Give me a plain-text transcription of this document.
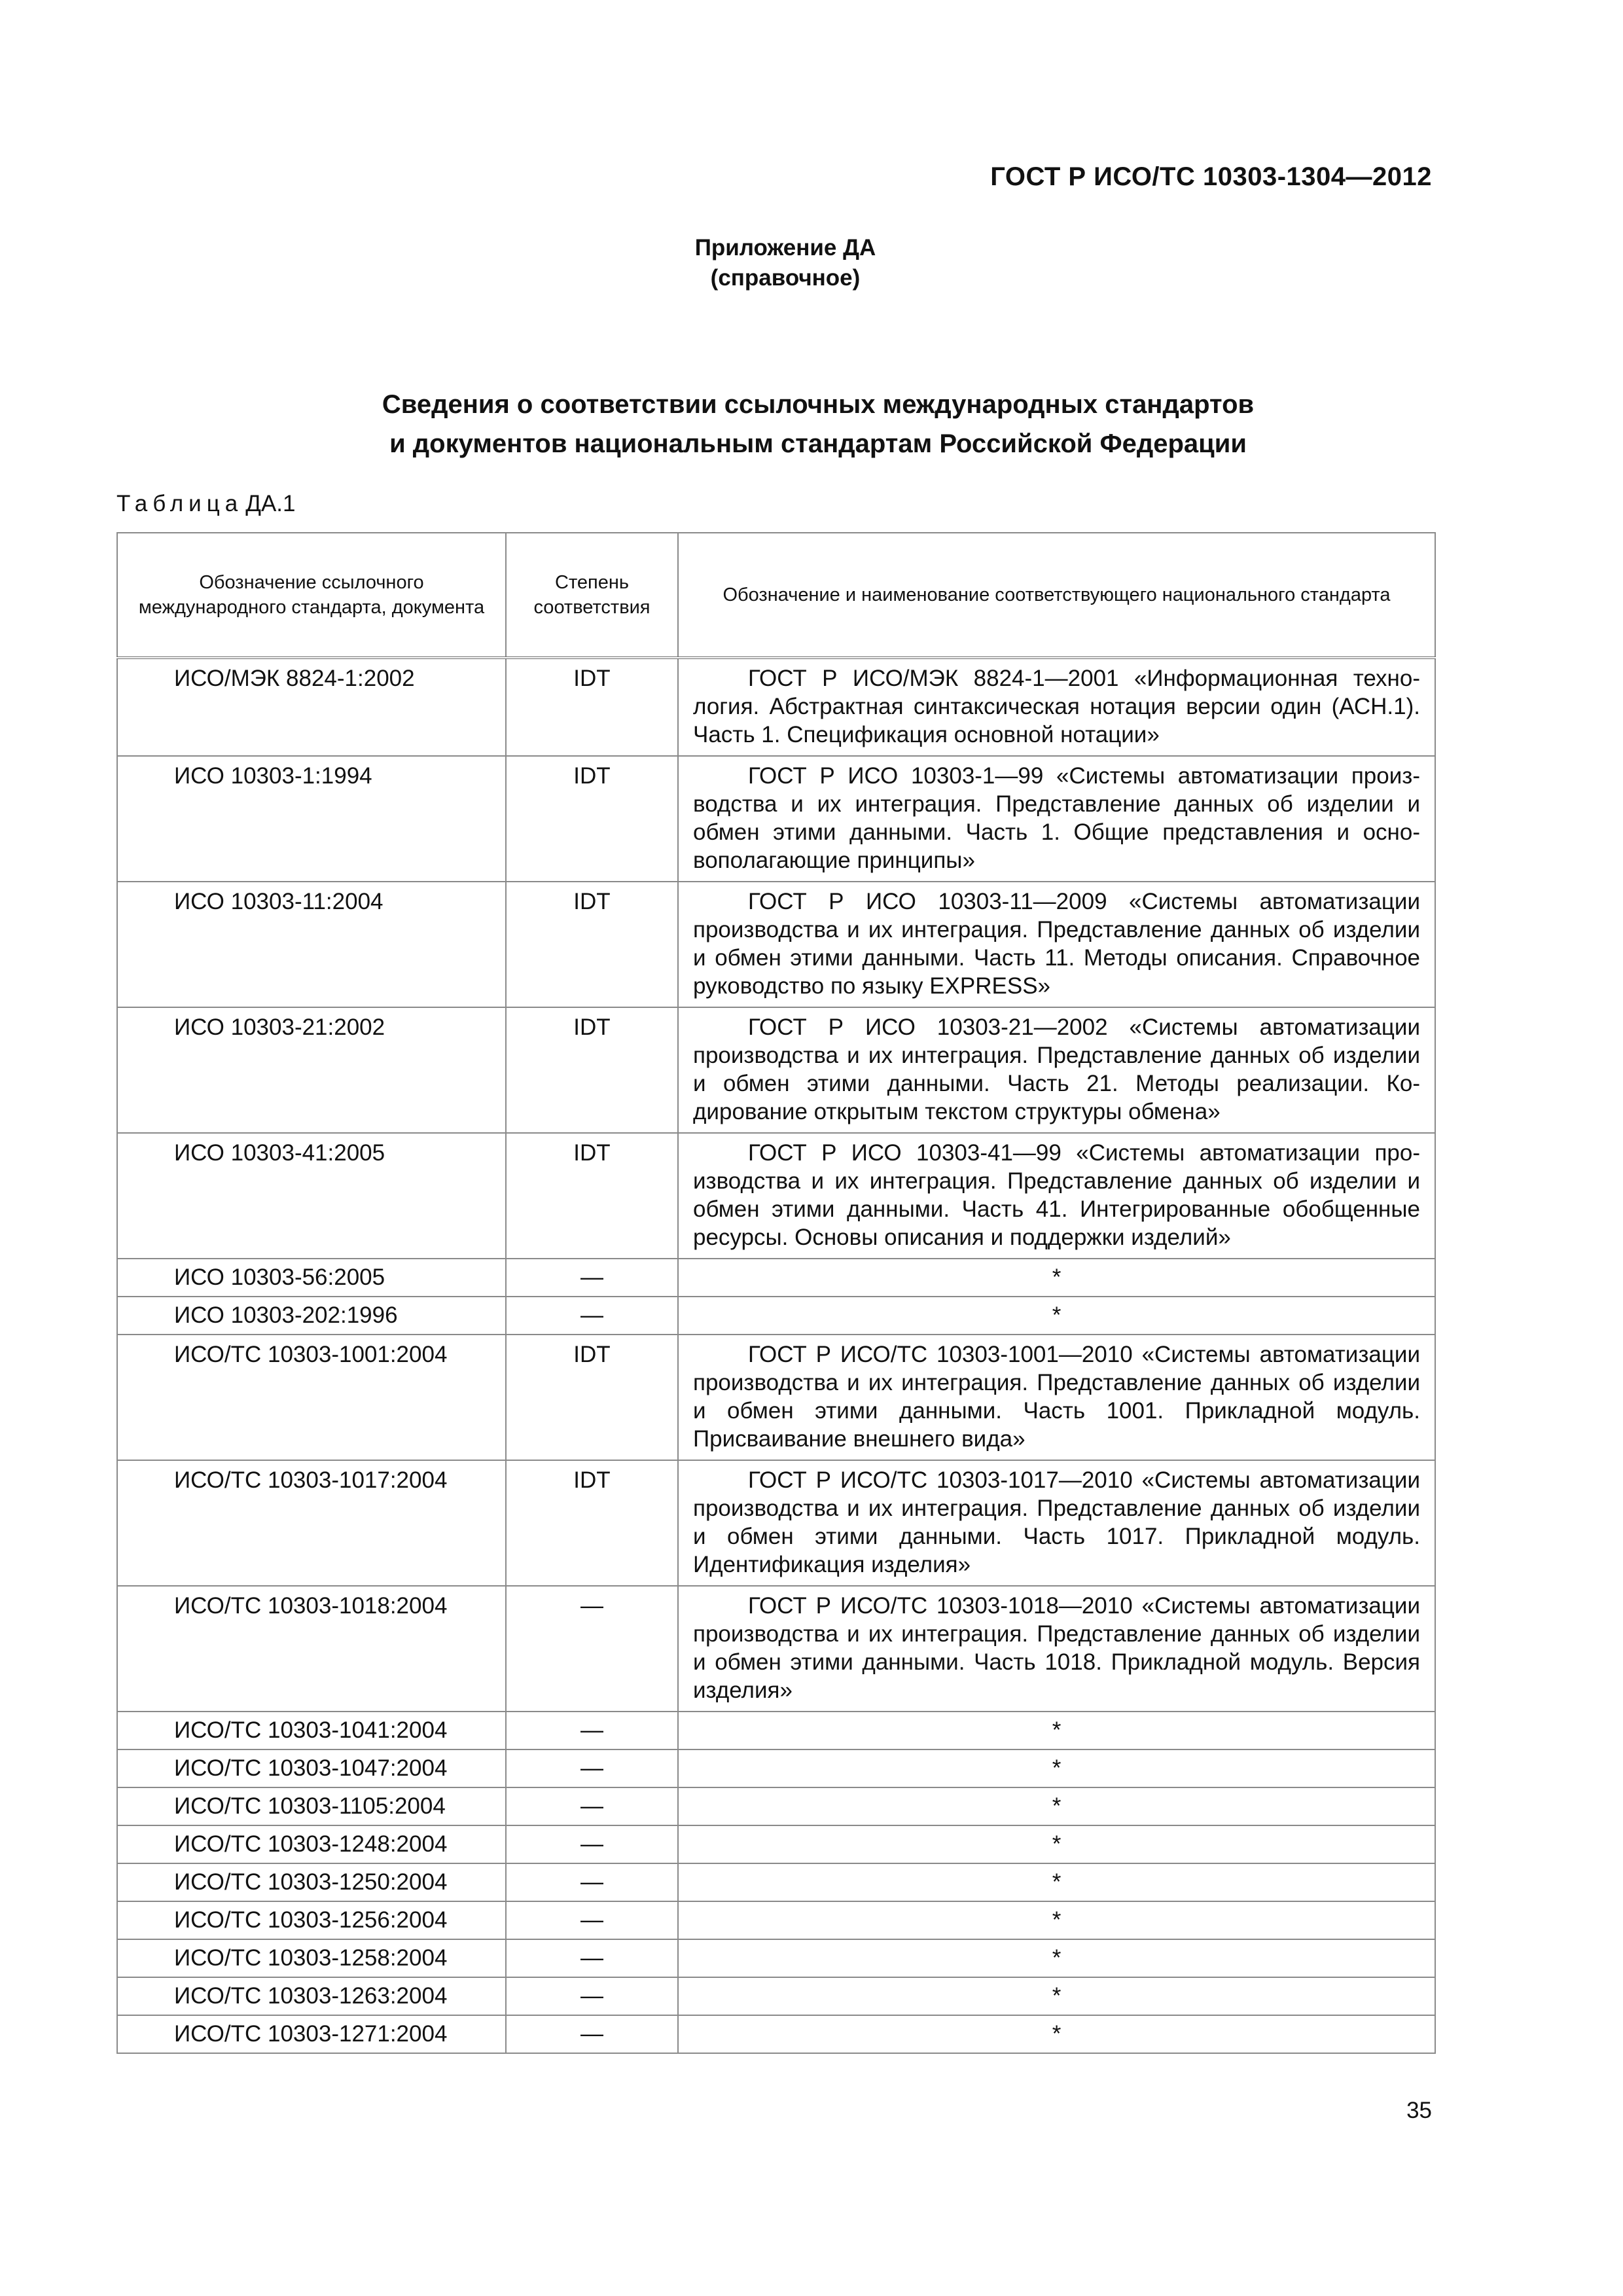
ГОСТ Р ИСО/ТС 10303-1304—2012
Приложение ДА
(справочное)
Сведения о соответствии ссылочных международных стандартов
и документов национальным стандартам Российской Федерации
Таблица ДА.1
Обозначение ссылочного международного стандарта, документа	Степень соответствия	Обозначение и наименование соответствующего национального стандарта
ИСО/МЭК 8824-1:2002	IDT	ГОСТ Р ИСО/МЭК 8824-1—2001 «Информационная технология. Абстрактная синтаксическая нотация версии один (АСН.1). Часть 1. Спецификация основной нотации»
ИСО 10303-1:1994	IDT	ГОСТ Р ИСО 10303-1—99 «Системы автоматизации производства и их интеграция. Представление данных об изделии и обмен этими данными. Часть 1. Общие представления и основополагающие принципы»
ИСО 10303-11:2004	IDT	ГОСТ Р ИСО 10303-11—2009 «Системы автоматизации производства и их интеграция. Представление данных об изделии и обмен этими данными. Часть 11. Методы описания. Справочное руководство по языку EXPRESS»
ИСО 10303-21:2002	IDT	ГОСТ Р ИСО 10303-21—2002 «Системы автоматизации производства и их интеграция. Представление данных об изделии и обмен этими данными. Часть 21. Методы реализации. Кодирование открытым текстом структуры обмена»
ИСО 10303-41:2005	IDT	ГОСТ Р ИСО 10303-41—99 «Системы автоматизации производства и их интеграция. Представление данных об изделии и обмен этими данными. Часть 41. Интегрированные обобщенные ресурсы. Основы описания и поддержки изделий»
ИСО 10303-56:2005	—	*
ИСО 10303-202:1996	—	*
ИСО/ТС 10303-1001:2004	IDT	ГОСТ Р ИСО/ТС 10303-1001—2010 «Системы автоматизации производства и их интеграция. Представление данных об изделии и обмен этими данными. Часть 1001. Прикладной модуль. Присваивание внешнего вида»
ИСО/ТС 10303-1017:2004	IDT	ГОСТ Р ИСО/ТС 10303-1017—2010 «Системы автоматизации производства и их интеграция. Представление данных об изделии и обмен этими данными. Часть 1017. Прикладной модуль. Идентификация изделия»
ИСО/ТС 10303-1018:2004	—	ГОСТ Р ИСО/ТС 10303-1018—2010 «Системы автоматизации производства и их интеграция. Представление данных об изделии и обмен этими данными. Часть 1018. Прикладной модуль. Версия изделия»
ИСО/ТС 10303-1041:2004	—	*
ИСО/ТС 10303-1047:2004	—	*
ИСО/ТС 10303-1105:2004	—	*
ИСО/ТС 10303-1248:2004	—	*
ИСО/ТС 10303-1250:2004	—	*
ИСО/ТС 10303-1256:2004	—	*
ИСО/ТС 10303-1258:2004	—	*
ИСО/ТС 10303-1263:2004	—	*
ИСО/ТС 10303-1271:2004	—	*
35
